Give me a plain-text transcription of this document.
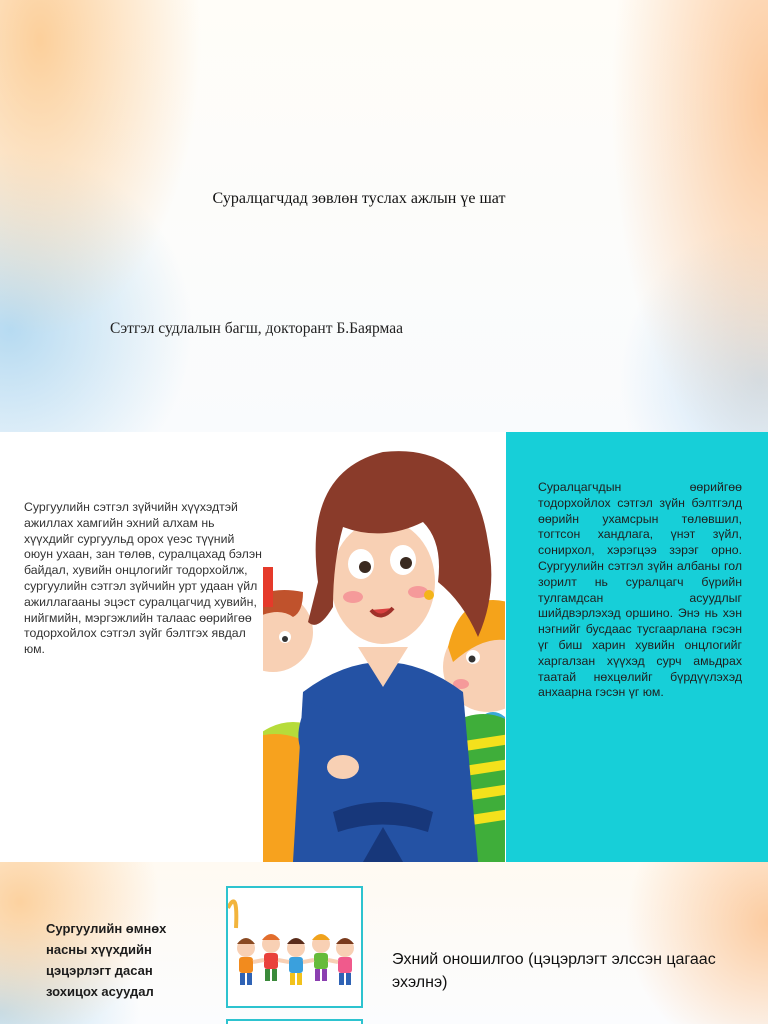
Суралцагчдад зөвлөн туслах ажлын үе шат
Сэтгэл судлалын багш, докторант Б.Баярмаа
Сургуулийн сэтгэл зүйчийн хүүхэдтэй ажиллах хамгийн эхний алхам нь хүүхдийг сургуульд орох үеэс түүний оюун ухаан, зан төлөв, суралцахад бэлэн байдал, хувийн онцлогийг тодорхойлж, сургуулийн сэтгэл зүйчийн урт удаан үйл ажиллагааны эцэст суралцагчид хувийн, нийгмийн, мэргэжлийн талаас өөрийгөө тодорхойлох сэтгэл зүйг бэлтгэх явдал юм.
Суралцагчдын өөрийгөө тодорхойлох сэтгэл зүйн бэлтгэлд өөрийн ухамсрын төлөвшил, тогтсон хандлага, үнэт зүйл, сонирхол, хэрэгцээ зэрэг орно. Сургуулийн сэтгэл зүйн албаны гол зорилт нь суралцагч бүрийн тулгамдсан асуудлыг шийдвэрлэхэд оршино. Энэ нь хэн нэгнийг бусдаас тусгаарлана гэсэн үг биш харин хувийн онцлогийг харгалзан хүүхэд сурч амьдрах таатай нөхцөлийг бүрдүүлэхэд анхаарна гэсэн үг юм.
Сургуулийн өмнөх насны хүүхдийн цэцэрлэгт дасан зохицох асуудал
Эхний оношилгоо (цэцэрлэгт элссэн цагаас эхэлнэ)
